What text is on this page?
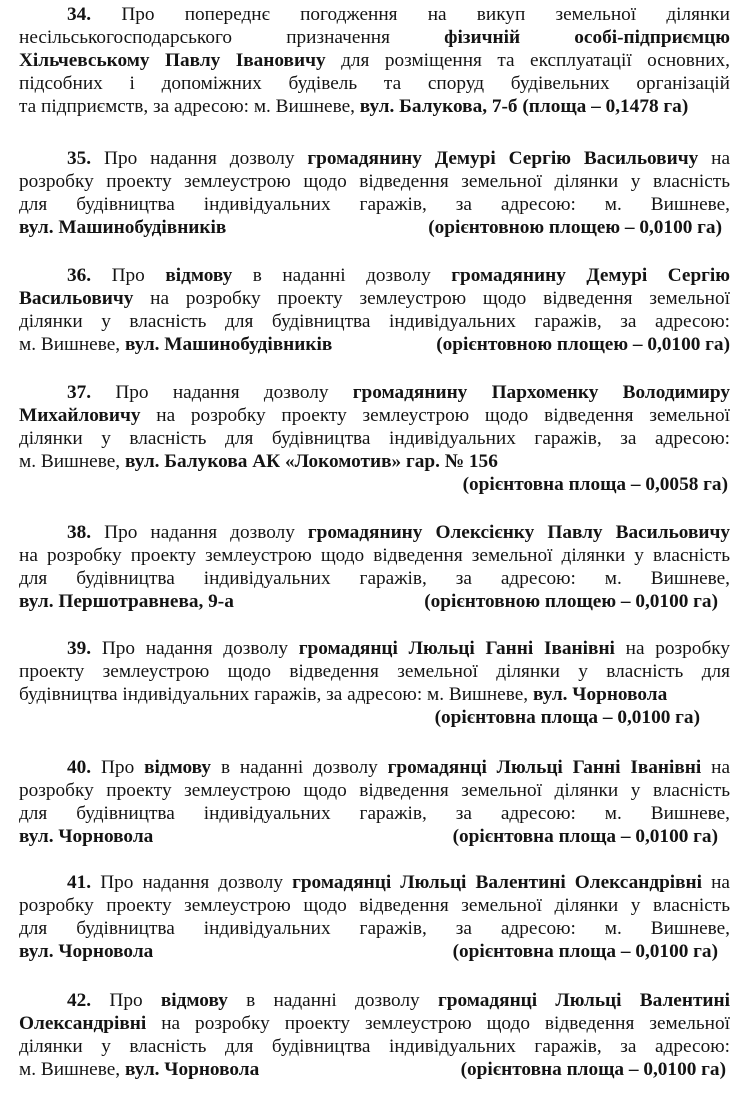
34. Про попереднє погодження на викуп земельної ділянки
несільськогосподарського призначення фізичній особі-підприємцю
Хільчевському Павлу Івановичу для розміщення та експлуатації основних,
підсобних і допоміжних будівель та споруд будівельних організацій
та підприємств, за адресою: м. Вишневе, вул. Балукова, 7-б (площа – 0,1478 га)
35. Про надання дозволу громадянину Демурі Сергію Васильовичу на
розробку проекту землеустрою щодо відведення земельної ділянки у власність
для будівництва індивідуальних гаражів, за адресою: м. Вишневе,
вул. Машинобудівників	(орієнтовною площею – 0,0100 га)
36. Про відмову в наданні дозволу громадянину Демурі Сергію
Васильовичу на розробку проекту землеустрою щодо відведення земельної
ділянки у власність для будівництва індивідуальних гаражів, за адресою:
м. Вишневе, вул. Машинобудівників	(орієнтовною площею – 0,0100 га)
37. Про надання дозволу громадянину Пархоменку Володимиру
Михайловичу на розробку проекту землеустрою щодо відведення земельної
ділянки у власність для будівництва індивідуальних гаражів, за адресою:
м. Вишневе, вул. Балукова АК «Локомотив» гар. № 156
(орієнтовна площа – 0,0058 га)
38. Про надання дозволу громадянину Олексієнку Павлу Васильовичу
на розробку проекту землеустрою щодо відведення земельної ділянки у власність
для будівництва індивідуальних гаражів, за адресою: м. Вишневе,
вул. Першотравнева, 9-а	(орієнтовною площею – 0,0100 га)
39. Про надання дозволу громадянці Люльці Ганні Іванівні на розробку
проекту землеустрою щодо відведення земельної ділянки у власність для
будівництва індивідуальних гаражів, за адресою: м. Вишневе, вул. Чорновола
(орієнтовна площа – 0,0100 га)
40. Про відмову в наданні дозволу громадянці Люльці Ганні Іванівні на
розробку проекту землеустрою щодо відведення земельної ділянки у власність
для будівництва індивідуальних гаражів, за адресою: м. Вишневе,
вул. Чорновола	(орієнтовна площа – 0,0100 га)
41. Про надання дозволу громадянці Люльці Валентині Олександрівні на
розробку проекту землеустрою щодо відведення земельної ділянки у власність
для будівництва індивідуальних гаражів, за адресою: м. Вишневе,
вул. Чорновола	(орієнтовна площа – 0,0100 га)
42. Про відмову в наданні дозволу громадянці Люльці Валентині
Олександрівні на розробку проекту землеустрою щодо відведення земельної
ділянки у власність для будівництва індивідуальних гаражів, за адресою:
м. Вишневе, вул. Чорновола	(орієнтовна площа – 0,0100 га)
